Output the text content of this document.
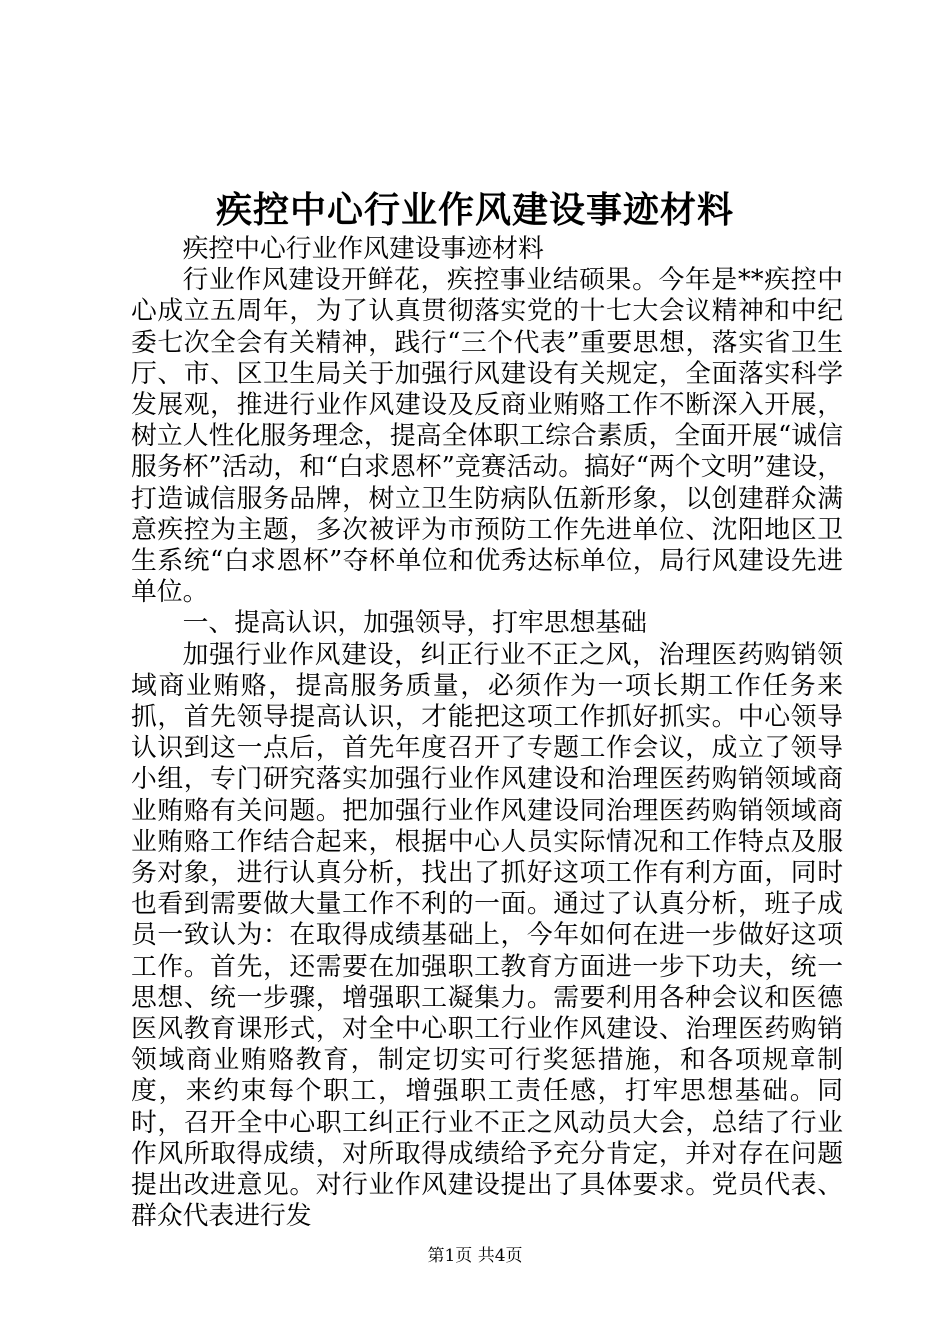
疾控中心行业作风建设事迹材料

疾控中心行业作风建设事迹材料

行业作风建设开鲜花，疾控事业结硕果。今年是**疾控中心成立五周年，为了认真贯彻落实党的十七大会议精神和中纪委七次全会有关精神，践行“三个代表”重要思想，落实省卫生厅、市、区卫生局关于加强行风建设有关规定，全面落实科学发展观，推进行业作风建设及反商业贿赂工作不断深入开展，树立人性化服务理念，提高全体职工综合素质，全面开展“诚信服务杯”活动，和“白求恩杯”竞赛活动。搞好“两个文明”建设，打造诚信服务品牌，树立卫生防病队伍新形象，以创建群众满意疾控为主题，多次被评为市预防工作先进单位、沈阳地区卫生系统“白求恩杯”夺杯单位和优秀达标单位，局行风建设先进单位。

一、提高认识，加强领导，打牢思想基础

加强行业作风建设，纠正行业不正之风，治理医药购销领域商业贿赂，提高服务质量，必须作为一项长期工作任务来抓，首先领导提高认识，才能把这项工作抓好抓实。中心领导认识到这一点后，首先年度召开了专题工作会议，成立了领导小组，专门研究落实加强行业作风建设和治理医药购销领域商业贿赂有关问题。把加强行业作风建设同治理医药购销领域商业贿赂工作结合起来，根据中心人员实际情况和工作特点及服务对象，进行认真分析，找出了抓好这项工作有利方面，同时也看到需要做大量工作不利的一面。通过了认真分析，班子成员一致认为：在取得成绩基础上，今年如何在进一步做好这项工作。首先，还需要在加强职工教育方面进一步下功夫，统一思想、统一步骤，增强职工凝集力。需要利用各种会议和医德医风教育课形式，对全中心职工行业作风建设、治理医药购销领域商业贿赂教育，制定切实可行奖惩措施，和各项规章制度，来约束每个职工，增强职工责任感，打牢思想基础。同时，召开全中心职工纠正行业不正之风动员大会，总结了行业作风所取得成绩，对所取得成绩给予充分肯定，并对存在问题提出改进意见。对行业作风建设提出了具体要求。党员代表、群众代表进行发

第1页 共4页
